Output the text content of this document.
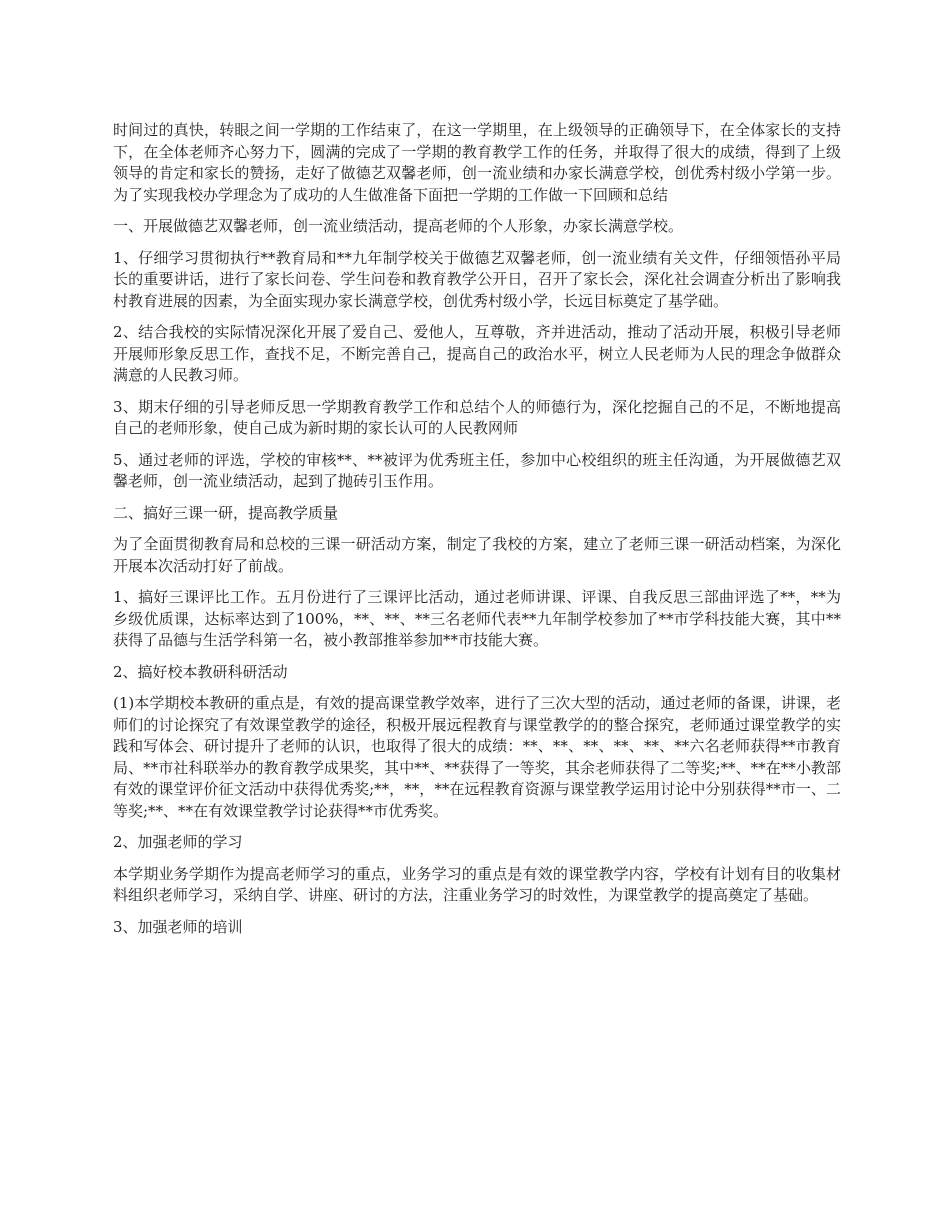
时间过的真快，转眼之间一学期的工作结束了，在这一学期里，在上级领导的正确领导下，在全体家长的支持下，在全体老师齐心努力下，圆满的完成了一学期的教育教学工作的任务，并取得了很大的成绩，得到了上级领导的肯定和家长的赞扬，走好了做德艺双馨老师，创一流业绩和办家长满意学校，创优秀村级小学第一步。为了实现我校办学理念为了成功的人生做准备下面把一学期的工作做一下回顾和总结

一、开展做德艺双馨老师，创一流业绩活动，提高老师的个人形象，办家长满意学校。

1、仔细学习贯彻执行**教育局和**九年制学校关于做德艺双馨老师，创一流业绩有关文件，仔细领悟孙平局长的重要讲话，进行了家长问卷、学生问卷和教育教学公开日，召开了家长会，深化社会调查分析出了影响我村教育进展的因素，为全面实现办家长满意学校，创优秀村级小学，长远目标奠定了基学础。

2、结合我校的实际情况深化开展了爱自己、爱他人，互尊敬，齐并进活动，推动了活动开展，积极引导老师开展师形象反思工作，查找不足，不断完善自己，提高自己的政治水平，树立人民老师为人民的理念争做群众满意的人民教习师。

3、期末仔细的引导老师反思一学期教育教学工作和总结个人的师德行为，深化挖掘自己的不足，不断地提高自己的老师形象，使自己成为新时期的家长认可的人民教网师

5、通过老师的评选，学校的审核**、**被评为优秀班主任，参加中心校组织的班主任沟通，为开展做德艺双馨老师，创一流业绩活动，起到了抛砖引玉作用。

二、搞好三课一研，提高教学质量

为了全面贯彻教育局和总校的三课一研活动方案，制定了我校的方案，建立了老师三课一研活动档案，为深化开展本次活动打好了前战。

1、搞好三课评比工作。五月份进行了三课评比活动，通过老师讲课、评课、自我反思三部曲评选了**，**为乡级优质课，达标率达到了100%，**、**、**三名老师代表**九年制学校参加了**市学科技能大赛，其中**获得了品德与生活学科第一名，被小教部推举参加**市技能大赛。

2、搞好校本教研科研活动

(1)本学期校本教研的重点是，有效的提高课堂教学效率，进行了三次大型的活动，通过老师的备课，讲课，老师们的讨论探究了有效课堂教学的途径，积极开展远程教育与课堂教学的的整合探究，老师通过课堂教学的实践和写体会、研讨提升了老师的认识，也取得了很大的成绩：**、**、**、**、**、**六名老师获得**市教育局、**市社科联举办的教育教学成果奖，其中**、**获得了一等奖，其余老师获得了二等奖;**、**在**小教部有效的课堂评价征文活动中获得优秀奖;**，**，**在远程教育资源与课堂教学运用讨论中分别获得**市一、二等奖;**、**在有效课堂教学讨论获得**市优秀奖。

2、加强老师的学习

本学期业务学期作为提高老师学习的重点，业务学习的重点是有效的课堂教学内容，学校有计划有目的收集材料组织老师学习，采纳自学、讲座、研讨的方法，注重业务学习的时效性，为课堂教学的提高奠定了基础。

3、加强老师的培训
